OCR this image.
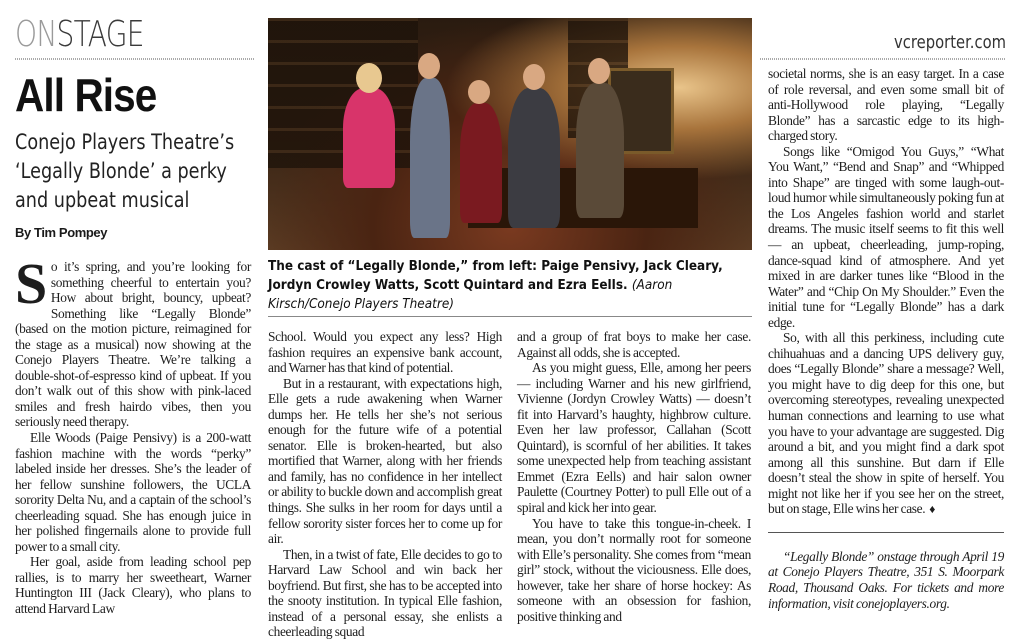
ONSTAGE
All Rise
Conejo Players Theatre’s ‘Legally Blonde’ a perky and upbeat musical
By Tim Pompey

So it’s spring, and you’re looking for something cheerful to entertain you? How about bright, bouncy, upbeat? Something like “Legally Blonde” (based on the motion picture, reimagined for the stage as a musical) now showing at the Conejo Players Theatre. We’re talking a double-shot-of-espresso kind of upbeat. If you don’t walk out of this show with pink-laced smiles and fresh hairdo vibes, then you seriously need therapy.

Elle Woods (Paige Pensivy) is a 200-watt fashion machine with the words “perky” labeled inside her dresses. She’s the leader of her fellow sunshine followers, the UCLA sorority Delta Nu, and a captain of the school’s cheerleading squad. She has enough juice in her polished fingernails alone to provide full power to a small city.

Her goal, aside from leading school pep rallies, is to marry her sweetheart, Warner Huntington III (Jack Cleary), who plans to attend Harvard Law

The cast of “Legally Blonde,” from left: Paige Pensivy, Jack Cleary, Jordyn Crowley Watts, Scott Quintard and Ezra Eells. (Aaron Kirsch/Conejo Players Theatre)

School. Would you expect any less? High fashion requires an expensive bank account, and Warner has that kind of potential.

But in a restaurant, with expectations high, Elle gets a rude awakening when Warner dumps her. He tells her she’s not serious enough for the future wife of a potential senator. Elle is broken-hearted, but also mortified that Warner, along with her friends and family, has no confidence in her intellect or ability to buckle down and accomplish great things. She sulks in her room for days until a fellow sorority sister forces her to come up for air.

Then, in a twist of fate, Elle decides to go to Harvard Law School and win back her boyfriend. But first, she has to be accepted into the snooty institution. In typical Elle fashion, instead of a personal essay, she enlists a cheerleading squad

and a group of frat boys to make her case. Against all odds, she is accepted.

As you might guess, Elle, among her peers — including Warner and his new girlfriend, Vivienne (Jordyn Crowley Watts) — doesn’t fit into Harvard’s haughty, highbrow culture. Even her law professor, Callahan (Scott Quintard), is scornful of her abilities. It takes some unexpected help from teaching assistant Emmet (Ezra Eells) and hair salon owner Paulette (Courtney Potter) to pull Elle out of a spiral and kick her into gear.

You have to take this tongue-in-cheek. I mean, you don’t normally root for someone with Elle’s personality. She comes from “mean girl” stock, without the viciousness. Elle does, however, take her share of horse hockey: As someone with an obsession for fashion, positive thinking and

vcreporter.com

societal norms, she is an easy target. In a case of role reversal, and even some small bit of anti-Hollywood role playing, “Legally Blonde” has a sarcastic edge to its high-charged story.

Songs like “Omigod You Guys,” “What You Want,” “Bend and Snap” and “Whipped into Shape” are tinged with some laugh-out-loud humor while simultaneously poking fun at the Los Angeles fashion world and starlet dreams. The music itself seems to fit this well — an upbeat, cheerleading, jump-roping, dance-squad kind of atmosphere. And yet mixed in are darker tunes like “Blood in the Water” and “Chip On My Shoulder.” Even the initial tune for “Legally Blonde” has a dark edge.

So, with all this perkiness, including cute chihuahuas and a dancing UPS delivery guy, does “Legally Blonde” share a message? Well, you might have to dig deep for this one, but overcoming stereotypes, revealing unexpected human connections and learning to use what you have to your advantage are suggested. Dig around a bit, and you might find a dark spot among all this sunshine. But darn if Elle doesn’t steal the show in spite of herself. You might not like her if you see her on the street, but on stage, Elle wins her case. ♦

“Legally Blonde” onstage through April 19 at Conejo Players Theatre, 351 S. Moorpark Road, Thousand Oaks. For tickets and more information, visit conejoplayers.org.
